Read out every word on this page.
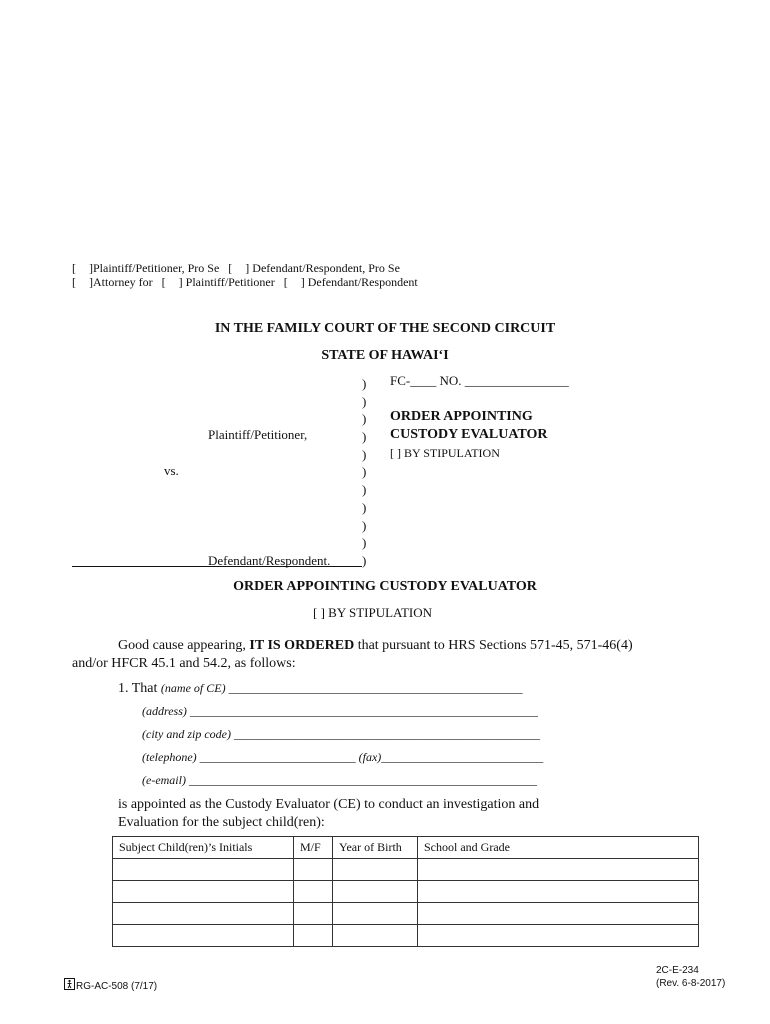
[ ]Plaintiff/Petitioner, Pro Se [ ] Defendant/Respondent, Pro Se
[ ]Attorney for [ ] Plaintiff/Petitioner [ ] Defendant/Respondent
IN THE FAMILY COURT OF THE SECOND CIRCUIT
STATE OF HAWAIʻI
)
)
)
)
)
)
)
)
)
)
)
Plaintiff/Petitioner,
vs.
Defendant/Respondent.
FC-____ NO. ________________
ORDER APPOINTING
CUSTODY EVALUATOR
[ ] BY STIPULATION
ORDER APPOINTING CUSTODY EVALUATOR
[ ] BY STIPULATION
Good cause appearing, IT IS ORDERED that pursuant to HRS Sections 571-45, 571-46(4)
and/or HFCR 45.1 and 54.2, as follows:
1. That (name of CE) _________________________________________________
(address) __________________________________________________________
(city and zip code) ___________________________________________________
(telephone) __________________________ (fax)___________________________
(e-email) __________________________________________________________
is appointed as the Custody Evaluator (CE) to conduct an investigation and
Evaluation for the subject child(ren):
Subject Child(ren)’s Initials	M/F	Year of Birth	School and Grade

RG-AC-508 (7/17)
2C-E-234
(Rev. 6-8-2017)
